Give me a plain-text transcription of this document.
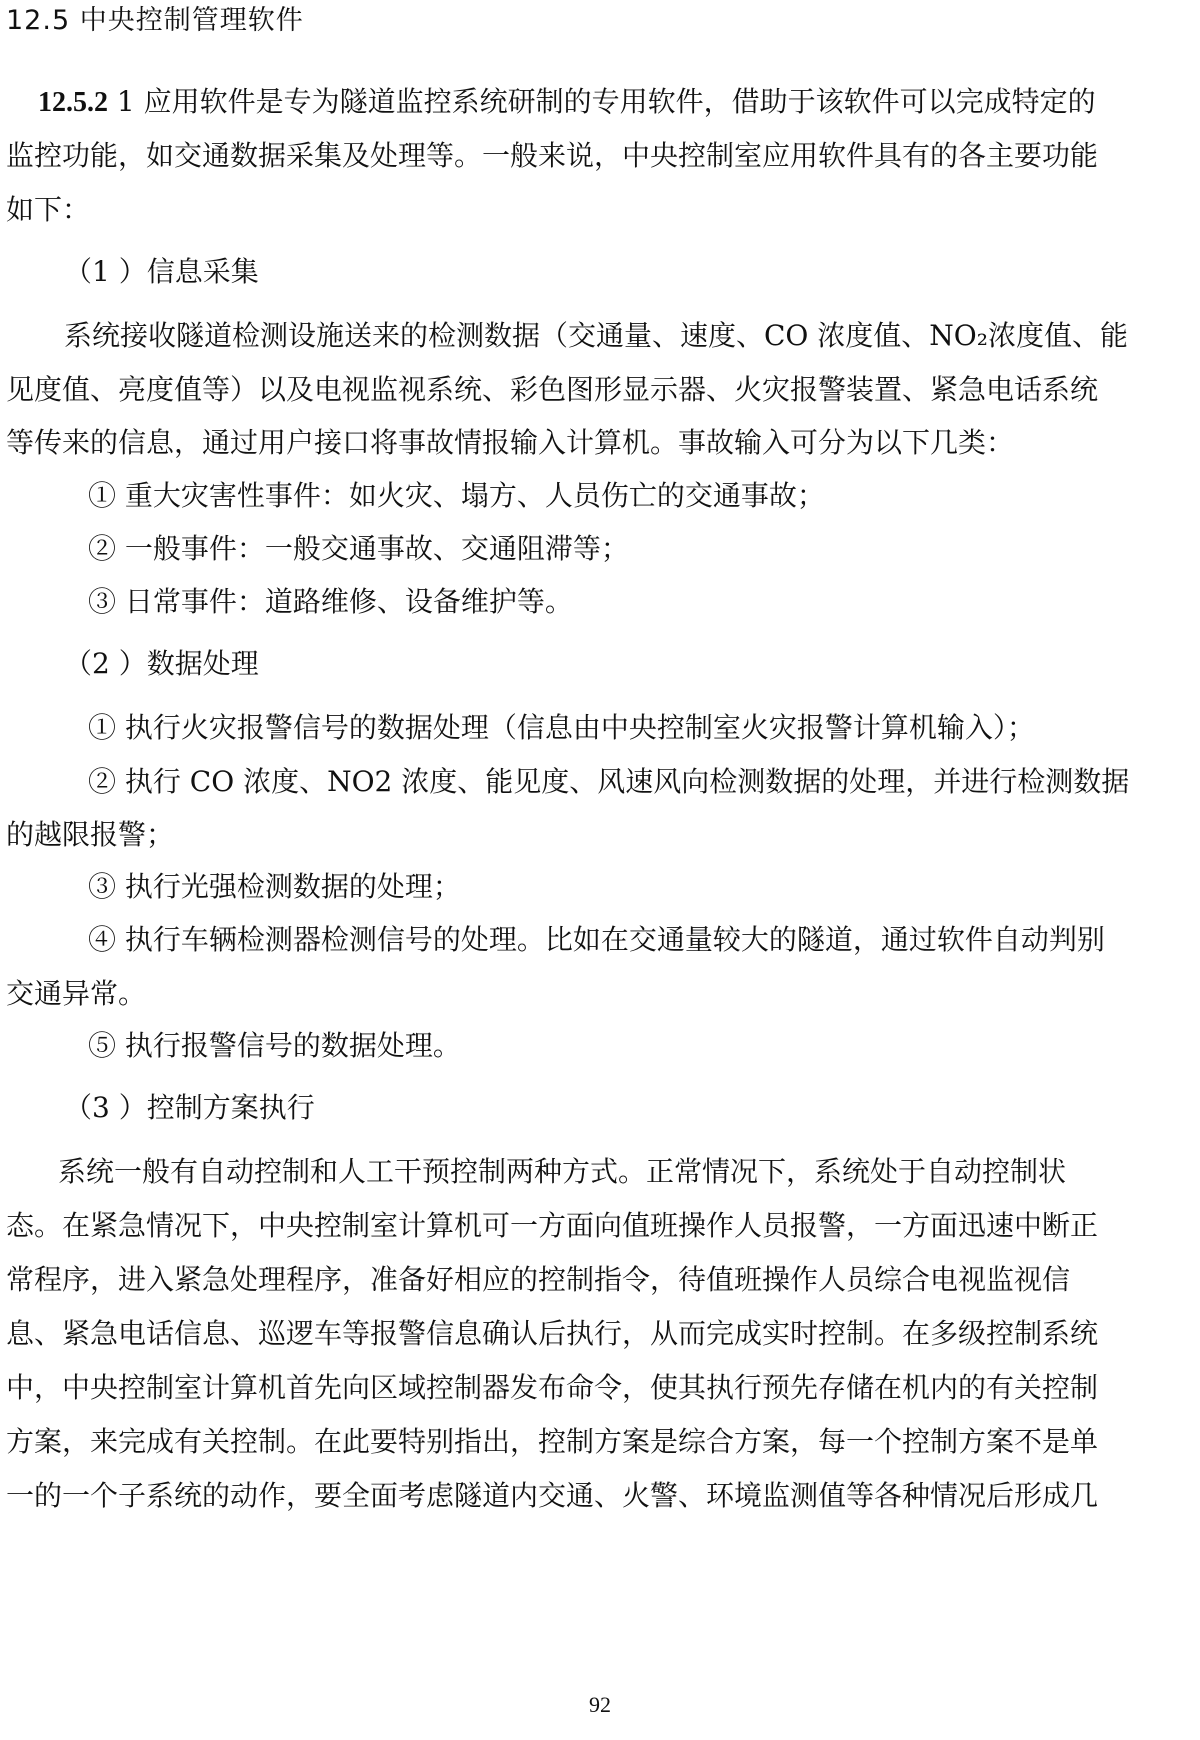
12.5 中央控制管理软件
12.5.2 1 应用软件是专为隧道监控系统研制的专用软件，借助于该软件可以完成特定的
监控功能，如交通数据采集及处理等。一般来说，中央控制室应用软件具有的各主要功能
如下：
（1 ）信息采集
系统接收隧道检测设施送来的检测数据（交通量、速度、CO 浓度值、NO₂浓度值、能
见度值、亮度值等）以及电视监视系统、彩色图形显示器、火灾报警装置、紧急电话系统
等传来的信息，通过用户接口将事故情报输入计算机。事故输入可分为以下几类：
① 重大灾害性事件：如火灾、塌方、人员伤亡的交通事故；
② 一般事件：一般交通事故、交通阻滞等；
③ 日常事件：道路维修、设备维护等。
（2 ）数据处理
① 执行火灾报警信号的数据处理（信息由中央控制室火灾报警计算机输入）；
② 执行 CO 浓度、NO2 浓度、能见度、风速风向检测数据的处理，并进行检测数据
的越限报警；
③ 执行光强检测数据的处理；
④ 执行车辆检测器检测信号的处理。比如在交通量较大的隧道，通过软件自动判别
交通异常。
⑤ 执行报警信号的数据处理。
（3 ）控制方案执行
系统一般有自动控制和人工干预控制两种方式。正常情况下，系统处于自动控制状
态。在紧急情况下，中央控制室计算机可一方面向值班操作人员报警，一方面迅速中断正
常程序，进入紧急处理程序，准备好相应的控制指令，待值班操作人员综合电视监视信
息、紧急电话信息、巡逻车等报警信息确认后执行，从而完成实时控制。在多级控制系统
中，中央控制室计算机首先向区域控制器发布命令，使其执行预先存储在机内的有关控制
方案，来完成有关控制。在此要特别指出，控制方案是综合方案，每一个控制方案不是单
一的一个子系统的动作，要全面考虑隧道内交通、火警、环境监测值等各种情况后形成几
92
